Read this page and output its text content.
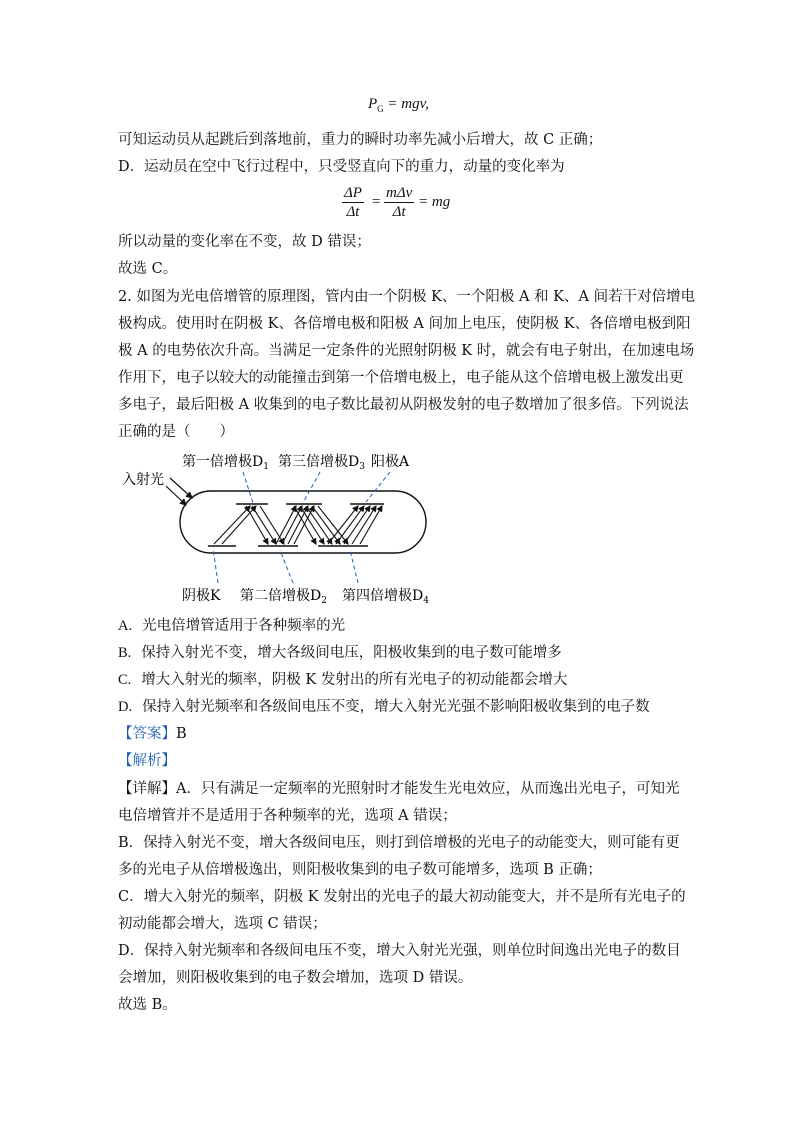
$P_G$ = mgv,
可知运动员从起跳后到落地前，重力的瞬时功率先减小后增大，故 C 正确；
D．运动员在空中飞行过程中，只受竖直向下的重力，动量的变化率为
$\frac{\Delta P}{\Delta t}$ =
mΔv
Δt
= mg
所以动量的变化率在不变，故 D 错误；
故选 C。
2. 如图为光电倍增管的原理图，管内由一个阴极 K、一个阳极 A 和 K、A 间若干对倍增电
极构成。使用时在阴极 K、各倍增电极和阳极 A 间加上电压，使阴极 K、各倍增电极到阳
极 A 的电势依次升高。当满足一定条件的光照射阴极 K 时，就会有电子射出，在加速电场
作用下，电子以较大的动能撞击到第一个倍增电极上，电子能从这个倍增电极上激发出更
多电子，最后阳极 A 收集到的电子数比最初从阴极发射的电子数增加了很多倍。下列说法
正确的是（　　）
第一倍增极$D_1$ 第三倍增极$D_3$ 阳极A
入射光
阴极K 第二倍增极$D_2$ 第四倍增极$D_4$
A. 光电倍增管适用于各种频率的光
B. 保持入射光不变，增大各级间电压，阳极收集到的电子数可能增多
C. 增大入射光的频率，阴极 K 发射出的所有光电子的初动能都会增大
D. 保持入射光频率和各级间电压不变，增大入射光光强不影响阳极收集到的电子数
【答案】B
【解析】
【详解】A．只有满足一定频率的光照射时才能发生光电效应，从而逸出光电子，可知光
电倍增管并不是适用于各种频率的光，选项 A 错误；
B．保持入射光不变，增大各级间电压，则打到倍增极的光电子的动能变大，则可能有更
多的光电子从倍增极逸出，则阳极收集到的电子数可能增多，选项 B 正确；
C．增大入射光的频率，阴极 K 发射出的光电子的最大初动能变大，并不是所有光电子的
初动能都会增大，选项 C 错误；
D．保持入射光频率和各级间电压不变，增大入射光光强，则单位时间逸出光电子的数目
会增加，则阳极收集到的电子数会增加，选项 D 错误。
故选 B。
